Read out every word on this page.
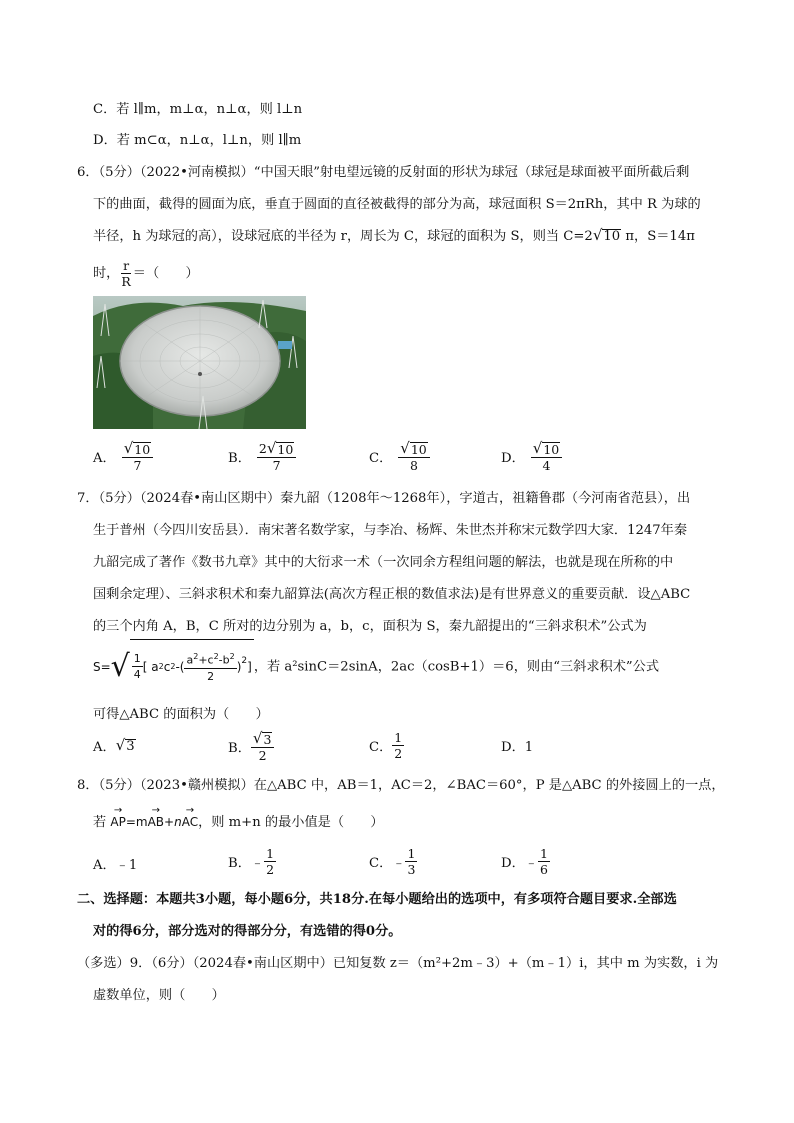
C．若 l∥m，m⊥α，n⊥α，则 l⊥n
D．若 m⊂α，n⊥α，l⊥n，则 l∥m
6．（5分）（2022•河南模拟）“中国天眼”射电望远镜的反射面的形状为球冠（球冠是球面被平面所截后剩
下的曲面，截得的圆面为底，垂直于圆面的直径被截得的部分为高，球冠面积 S＝2πRh，其中 R 为球的
半径，h 为球冠的高），设球冠底的半径为 r，周长为 C，球冠的面积为 S，则当 C=2 √ 10 π，S＝14π
时， $\frac{r}{R}$ ＝（　　）
A． $\frac{√ 10}{7}$	B． $\frac{2 √ 10}{7}$	C． $\frac{√ 10}{8}$	D． $\frac{√ 10}{4}$
7．（5分）（2024春•南山区期中）秦九韶（1208年～1268年），字道古，祖籍鲁郡（今河南省范县），出
生于普州（今四川安岳县）．南宋著名数学家，与李冶、杨辉、朱世杰并称宋元数学四大家．1247年秦
九韶完成了著作《数书九章》其中的大衍求一术（一次同余方程组问题的解法，也就是现在所称的中
国剩余定理）、三斜求积术和秦九韶算法(高次方程正根的数值求法)是有世界意义的重要贡献．设△ABC
的三个内角 A，B，C 所对的边分别为 a，b，c，面积为 S，秦九韶提出的“三斜求积术”公式为
S= √ $\frac{1}{4}$ [ a 2 c 2 -( $\frac{a^2+c^2-b^2}{2} )^2$ ] ，若 a²sinC＝2sinA，2ac（cosB+1）＝6，则由“三斜求积术”公式
可得△ABC 的面积为（　　）
A． √ 3	B． $\frac{√ 3}{2}$	C． $\frac{1}{2}$	D．1
8．（5分）（2023•赣州模拟）在△ABC 中，AB＝1，AC＝2，∠BAC＝60°，P 是△ABC 的外接圆上的一点，
若 → AP=m→ AB+n→ AC，则 m+n 的最小值是（　　）
A．﹣1	B．﹣ $\frac{1}{2}$	C．﹣ $\frac{1}{3}$	D．﹣ $\frac{1}{6}$
二、选择题：本题共3小题，每小题6分，共18分.在每小题给出的选项中，有多项符合题目要求.全部选
对的得6分，部分选对的得部分分，有选错的得0分。
（多选）9．（6分）（2024春•南山区期中）已知复数 z＝（m²+2m﹣3）+（m﹣1）i，其中 m 为实数，i 为
虚数单位，则（　　）
